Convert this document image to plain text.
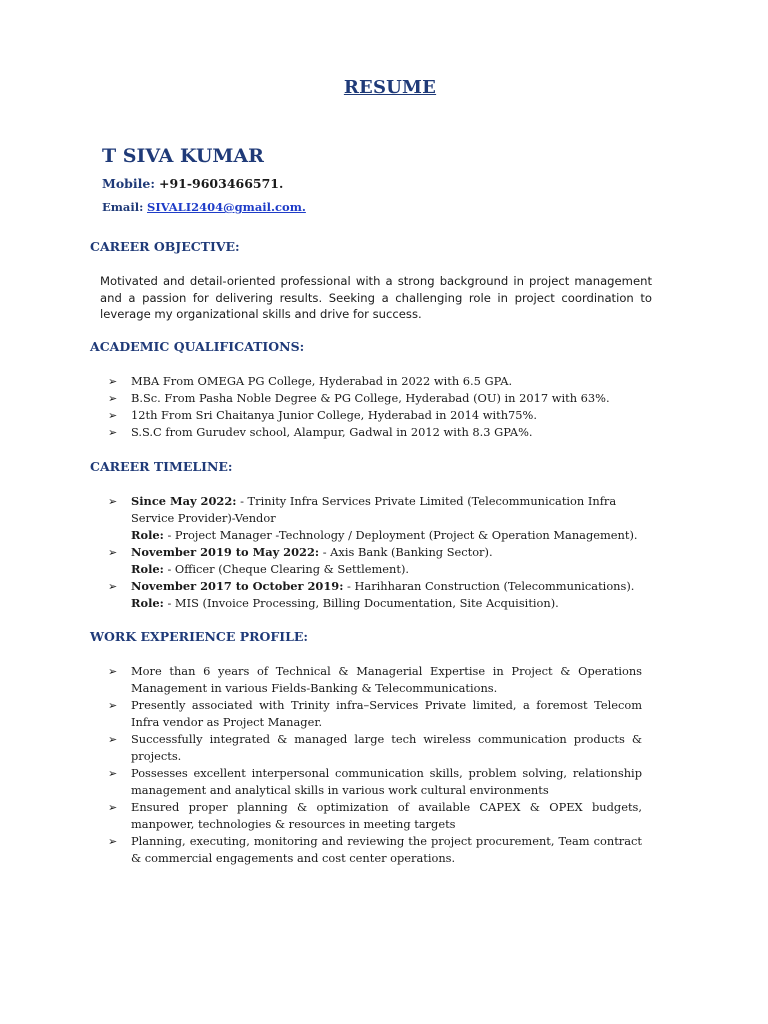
RESUME
T SIVA KUMAR
Mobile: +91-9603466571.
Email: SIVALI2404@gmail.com.
CAREER OBJECTIVE:
Motivated and detail-oriented professional with a strong background in project management and a passion for delivering results. Seeking a challenging role in project coordination to leverage my organizational skills and drive for success.
ACADEMIC QUALIFICATIONS:
➢ MBA From OMEGA PG College, Hyderabad in 2022 with 6.5 GPA.
➢ B.Sc. From Pasha Noble Degree & PG College, Hyderabad (OU) in 2017 with 63%.
➢ 12th From Sri Chaitanya Junior College, Hyderabad in 2014 with75%.
➢ S.S.C from Gurudev school, Alampur, Gadwal in 2012 with 8.3 GPA%.
CAREER TIMELINE:
➢ Since May 2022: - Trinity Infra Services Private Limited (Telecommunication Infra Service Provider)-Vendor
Role: - Project Manager -Technology / Deployment (Project & Operation Management).
➢ November 2019 to May 2022: - Axis Bank (Banking Sector).
Role: - Officer (Cheque Clearing & Settlement).
➢ November 2017 to October 2019: - Harihharan Construction (Telecommunications).
Role: - MIS (Invoice Processing, Billing Documentation, Site Acquisition).
WORK EXPERIENCE PROFILE:
➢ More than 6 years of Technical & Managerial Expertise in Project & Operations Management in various Fields-Banking & Telecommunications.
➢ Presently associated with Trinity infra–Services Private limited, a foremost Telecom Infra vendor as Project Manager.
➢ Successfully integrated & managed large tech wireless communication products & projects.
➢ Possesses excellent interpersonal communication skills, problem solving, relationship management and analytical skills in various work cultural environments
➢ Ensured proper planning & optimization of available CAPEX & OPEX budgets, manpower, technologies & resources in meeting targets
➢ Planning, executing, monitoring and reviewing the project procurement, Team contract & commercial engagements and cost center operations.
